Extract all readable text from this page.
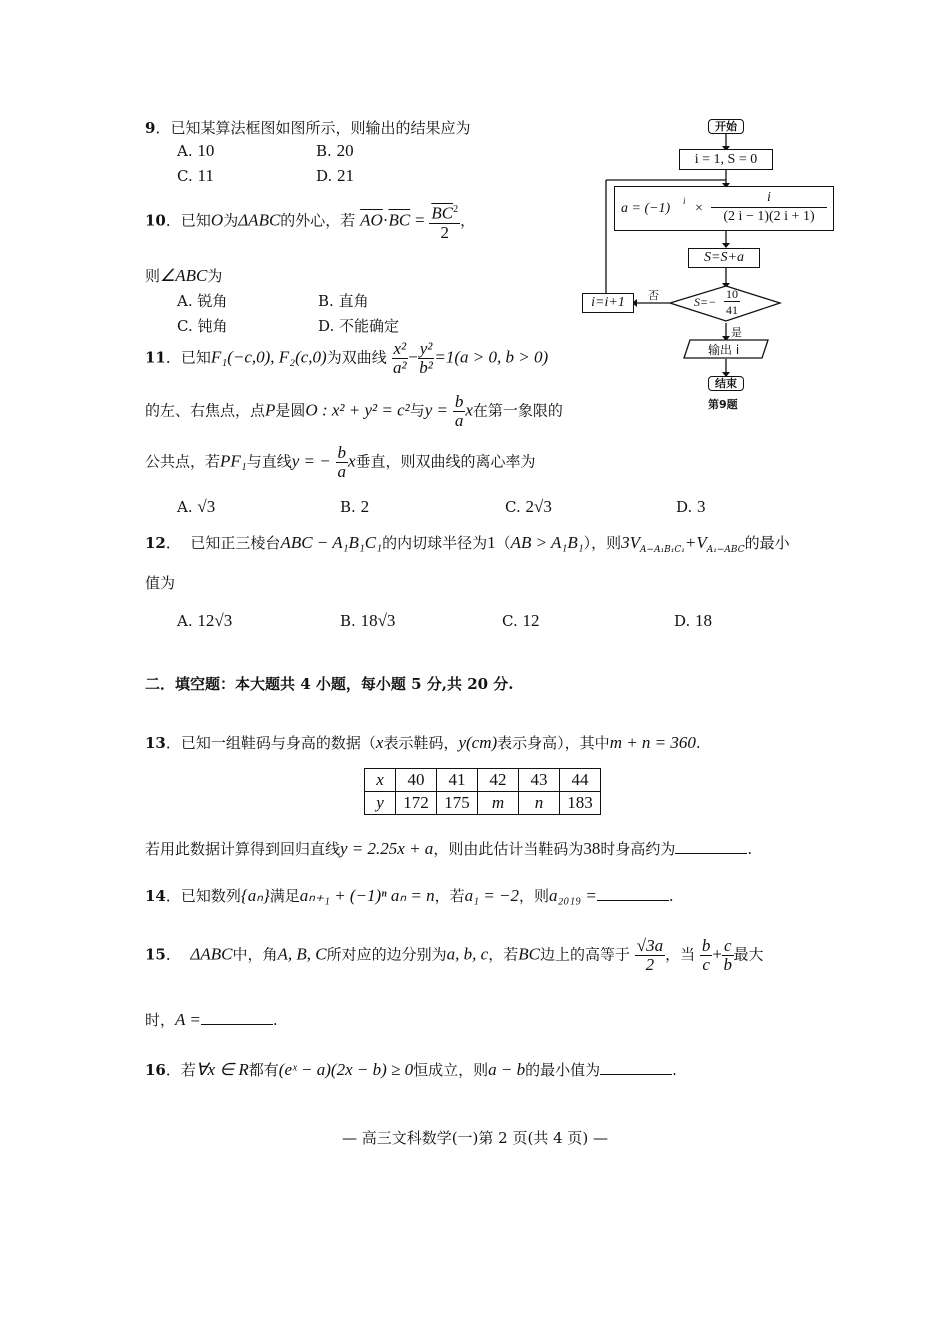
9．已知某算法框图如图所示，则输出的结果应为
A. 10	B. 20
C. 11	D. 21
开始
i = 1, S = 0
a = (−1) i ×
i
(2 i − 1)(2 i + 1)
S=S+a
S=−
10
41
否
是
i=i+1
输出 i
结束
第9题
10．已知O为ΔABC的外心，若 $\overline{AO}\cdot\overline{BC} = \frac{\overline{BC}^2}{2}$ ，
则∠ABC为
A. 锐角	B. 直角
C. 钝角	D. 不能确定
11．已知F₁(−c,0), F₂(c,0)为双曲线 $\frac{\text{x²}}{\text{a²}} - \frac{\text{y²}}{\text{b²}} =1(a > 0$, b > 0)
的左、右焦点，点P是圆O : x² + y² = c²与$y = \frac{b}{a}$ x在第一象限的
公共点，若PF₁与直线y = − $\frac{b}{a}$ x垂直，则双曲线的离心率为
A. √3	B. 2	C. 2√3	D. 3
12．  已知正三棱台ABC − A₁B₁C₁的内切球半径为1（AB > A₁B₁），则$3V_{A-A_1B_1C_1}+V_{A_1-ABC}$的最小
值为
A. 12√3	B. 18√3	C. 12	D. 18
二．填空题：本大题共 4 小题，每小题 5 分,共 20 分.
13．已知一组鞋码与身高的数据（x表示鞋码，y(cm)表示身高），其中m + n = 360.
x	40	41	42	43	44
y	172	175	m	n	183
若用此数据计算得到回归直线y = 2.25x + a，则由此估计当鞋码为38时身高约为	.
14．已知数列{aₙ}满足aₙ₊₁ + (−1)ⁿ aₙ = n，若a₁ = −2，则a₂₀₁₉ =	.
15．  ΔABC中，角A, B, C所对应的边分别为a, b, c，若BC边上的高等于 $\frac{√3a}{2}$ ，当 $\frac{b}{c} + \frac{c}{b}$ 最大
时，A =	.
16．若∀x ∈ R都有(eˣ − a)(2x − b) ≥ 0恒成立，则a − b的最小值为	.
— 高三文科数学(一)第 2 页(共 4 页) —
